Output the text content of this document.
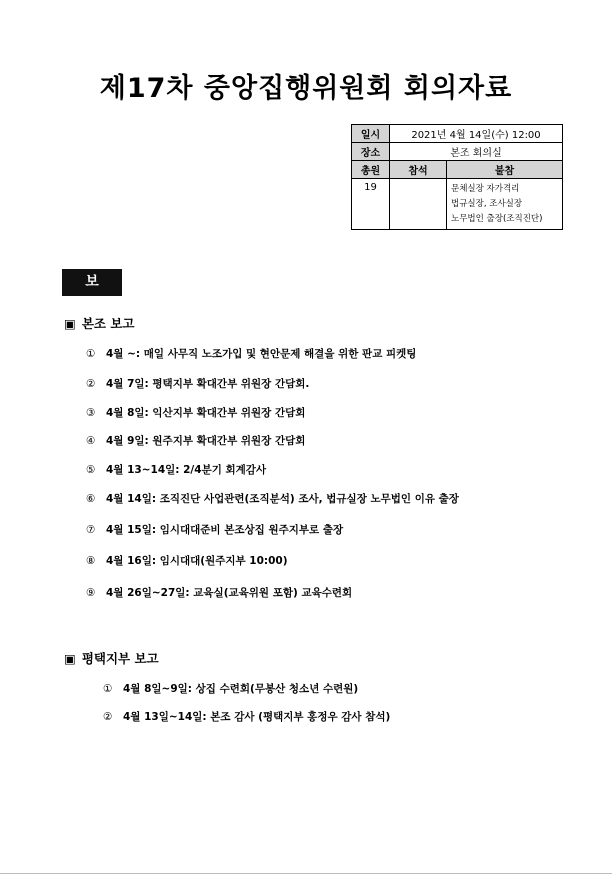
제17차 중앙집행위원회 회의자료
일시	2021년 4월 14일(수) 12:00	
장소	본조 회의실	
총원	참석	불참
19		문체실장 자가격리
법규실장, 조사실장
노무법인 출장(조직진단)
보고
▣ 본조 보고
① 4월 ~: 매일 사무직 노조가입 및 현안문제 해결을 위한 판교 피켓팅
② 4월 7일: 평택지부 확대간부 위원장 간담회.
③ 4월 8일: 익산지부 확대간부 위원장 간담회
④ 4월 9일: 원주지부 확대간부 위원장 간담회
⑤ 4월 13~14일: 2/4분기 회계감사
⑥ 4월 14일: 조직진단 사업관련(조직분석) 조사, 법규실장 노무법인 이유 출장
⑦ 4월 15일: 임시대대준비 본조상집 원주지부로 출장
⑧ 4월 16일: 임시대대(원주지부 10:00)
⑨ 4월 26일~27일: 교육실(교육위원 포함) 교육수련회
▣ 평택지부 보고
① 4월 8일~9일: 상집 수련회(무봉산 청소년 수련원)
② 4월 13일~14일: 본조 감사 (평택지부 홍정우 감사 참석)
